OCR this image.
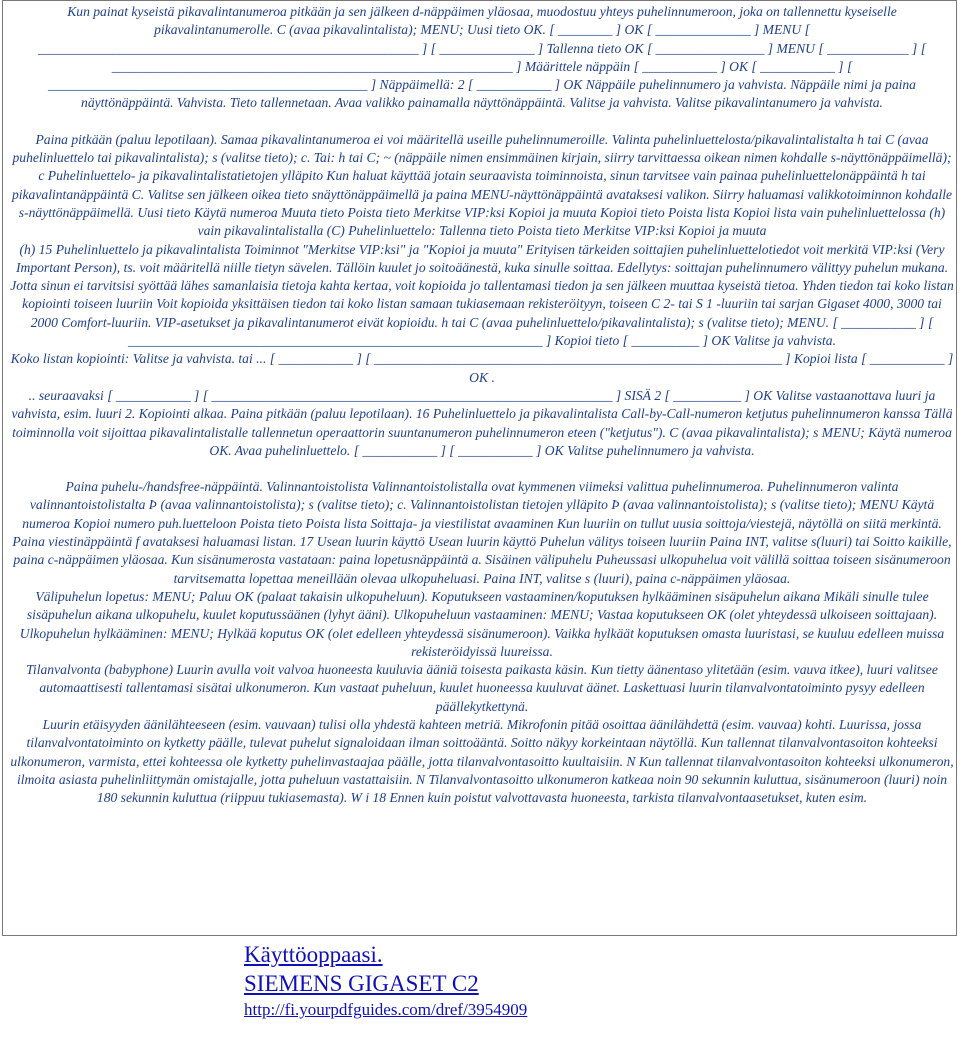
Kun painat kyseistä pikavalintanumeroa pitkään ja sen jälkeen d-näppäimen yläosaa, muodostuu yhteys puhelinnumeroon, joka on tallennettu kyseiselle pikavalintanumerolle. C (avaa pikavalintalista); MENU; Uusi tieto OK. [ ________ ] OK [ ______________ ] MENU [ ________________________________________________________ ] [ ______________ ] Tallenna tieto OK [ ________________ ] MENU [ ____________ ] [ ___________________________________________________________ ] Määrittele näppäin [ ___________ ] OK [ ___________ ] [ _______________________________________________ ] Näppäimellä: 2 [ ___________ ] OK Näppäile puhelinnumero ja vahvista. Näppäile nimi ja paina näyttönäppäintä. Vahvista. Tieto tallennetaan. Avaa valikko painamalla näyttönäppäintä. Valitse ja vahvista. Valitse pikavalintanumero ja vahvista.

Paina pitkään (paluu lepotilaan). Samaa pikavalintanumeroa ei voi määritellä useille puhelinnumeroille. Valinta puhelinluettelosta/pikavalintalistalta h tai C (avaa puhelinluettelo tai pikavalintalista); s (valitse tieto); c. Tai: h tai C; ~ (näppäile nimen ensimmäinen kirjain, siirry tarvittaessa oikean nimen kohdalle s-näyttönäppäimellä); c Puhelinluettelo- ja pikavalintalistatietojen ylläpito Kun haluat käyttää jotain seuraavista toiminnoista, sinun tarvitsee vain painaa puhelinluettelonäppäintä h tai pikavalintanäppäintä C. Valitse sen jälkeen oikea tieto snäyttönäppäimellä ja paina MENU-näyttönäppäintä avataksesi valikon. Siirry haluamasi valikkotoiminnon kohdalle s-näyttönäppäimellä. Uusi tieto Käytä numeroa Muuta tieto Poista tieto Merkitse VIP:ksi Kopioi ja muuta Kopioi tieto Poista lista Kopioi lista vain puhelinluettelossa (h) vain pikavalintalistalla (C) Puhelinluettelo: Tallenna tieto Poista tieto Merkitse VIP:ksi Kopioi ja muuta

(h) 15 Puhelinluettelo ja pikavalintalista Toiminnot "Merkitse VIP:ksi" ja "Kopioi ja muuta" Erityisen tärkeiden soittajien puhelinluettelotiedot voit merkitä VIP:ksi (Very Important Person), ts. voit määritellä niille tietyn sävelen. Tällöin kuulet jo soitoäänestä, kuka sinulle soittaa. Edellytys: soittajan puhelinnumero välittyy puhelun mukana.

Jotta sinun ei tarvitsisi syöttää lähes samanlaisia tietoja kahta kertaa, voit kopioida jo tallentamasi tiedon ja sen jälkeen muuttaa kyseistä tietoa. Yhden tiedon tai koko listan kopiointi toiseen luuriin Voit kopioida yksittäisen tiedon tai koko listan samaan tukiasemaan rekisteröityyn, toiseen C 2- tai S 1 -luuriin tai sarjan Gigaset 4000, 3000 tai 2000 Comfort-luuriin. VIP-asetukset ja pikavalintanumerot eivät kopioidu. h tai C (avaa puhelinluettelo/pikavalintalista); s (valitse tieto); MENU. [ ___________ ] [ _____________________________________________________________ ] Kopioi tieto [ __________ ] OK Valitse ja vahvista.

Koko listan kopiointi: Valitse ja vahvista. tai ... [ ___________ ] [ ____________________________________________________________ ] Kopioi lista [ ___________ ] OK .

.. seuraavaksi [ ___________ ] [ ___________________________________________________________ ] SISÄ 2 [ __________ ] OK Valitse vastaanottava luuri ja vahvista, esim. luuri 2. Kopiointi alkaa. Paina pitkään (paluu lepotilaan). 16 Puhelinluettelo ja pikavalintalista Call-by-Call-numeron ketjutus puhelinnumeron kanssa Tällä toiminnolla voit sijoittaa pikavalintalistalle tallennetun operaattorin suuntanumeron puhelinnumeron eteen ("ketjutus"). C (avaa pikavalintalista); s MENU; Käytä numeroa OK. Avaa puhelinluettelo. [ ___________ ] [ ___________ ] OK Valitse puhelinnumero ja vahvista.

Paina puhelu-/handsfree-näppäintä. Valinnantoistolista Valinnantoistolistalla ovat kymmenen viimeksi valittua puhelinnumeroa. Puhelinnumeron valinta valinnantoistolistalta Þ (avaa valinnantoistolista); s (valitse tieto); c. Valinnantoistolistan tietojen ylläpito Þ (avaa valinnantoistolista); s (valitse tieto); MENU Käytä numeroa Kopioi numero puh.luetteloon Poista tieto Poista lista Soittaja- ja viestilistat avaaminen Kun luuriin on tullut uusia soittoja/viestejä, näytöllä on siitä merkintä. Paina viestinäppäintä f avataksesi haluamasi listan. 17 Usean luurin käyttö Usean luurin käyttö Puhelun välitys toiseen luuriin Paina INT, valitse s(luuri) tai Soitto kaikille, paina c-näppäimen yläosaa. Kun sisänumerosta vastataan: paina lopetusnäppäintä a. Sisäinen välipuhelu Puheussasi ulkopuhelua voit välillä soittaa toiseen sisänumeroon tarvitsematta lopettaa meneillään olevaa ulkopuheluasi. Paina INT, valitse s (luuri), paina c-näppäimen yläosaa.

Välipuhelun lopetus: MENU; Paluu OK (palaat takaisin ulkopuheluun). Koputukseen vastaaminen/koputuksen hylkääminen sisäpuhelun aikana Mikäli sinulle tulee sisäpuhelun aikana ulkopuhelu, kuulet koputussäänen (lyhyt ääni). Ulkopuheluun vastaaminen: MENU; Vastaa koputukseen OK (olet yhteydessä ulkoiseen soittajaan). Ulkopuhelun hylkääminen: MENU; Hylkää koputus OK (olet edelleen yhteydessä sisänumeroon). Vaikka hylkäät koputuksen omasta luuristasi, se kuuluu edelleen muissa rekisteröidyissä luureissa.

Tilanvalvonta (babyphone) Luurin avulla voit valvoa huoneesta kuuluvia ääniä toisesta paikasta käsin. Kun tietty äänentaso ylitetään (esim. vauva itkee), luuri valitsee automaattisesti tallentamasi sisätai ulkonumeron. Kun vastaat puheluun, kuulet huoneessa kuuluvat äänet. Laskettuasi luurin tilanvalvontatoiminto pysyy edelleen päällekytkettynä.

Luurin etäisyyden äänilähteeseen (esim. vauvaan) tulisi olla yhdestä kahteen metriä. Mikrofonin pitää osoittaa äänilähdettä (esim. vauvaa) kohti. Luurissa, jossa tilanvalvontatoiminto on kytketty päälle, tulevat puhelut signaloidaan ilman soittoääntä. Soitto näkyy korkeintaan näytöllä. Kun tallennat tilanvalvontasoiton kohteeksi ulkonumeron, varmista, ettei kohteessa ole kytketty puhelinvastaajaa päälle, jotta tilanvalvontasoitto kuultaisiin. N Kun tallennat tilanvalvontasoiton kohteeksi ulkonumeron, ilmoita asiasta puhelinliittymän omistajalle, jotta puheluun vastattaisiin. N Tilanvalvontasoitto ulkonumeron katkeaa noin 90 sekunnin kuluttua, sisänumeroon (luuri) noin 180 sekunnin kuluttua (riippuu tukiasemasta). W i 18 Ennen kuin poistut valvottavasta huoneesta, tarkista tilanvalvontaasetukset, kuten esim.

Käyttöoppaasi.
SIEMENS GIGASET C2
http://fi.yourpdfguides.com/dref/3954909
